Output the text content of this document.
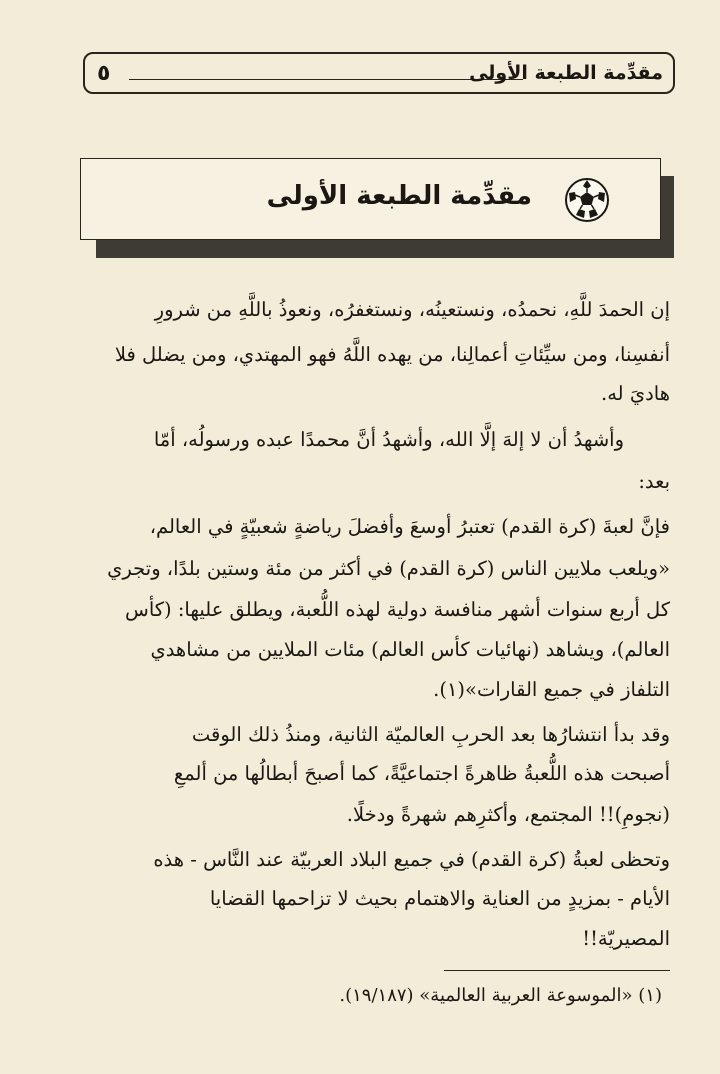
٥	مقدِّمة الطبعة الأولى
مقدِّمة الطبعة الأولى
إن الحمدَ للَّهِ، نحمدُه، ونستعينُه، ونستغفرُه، ونعوذُ باللَّهِ من شرورِ
أنفسِنا، ومن سيِّئاتِ أعمالِنا، من يهده اللَّهُ فهو المهتدي، ومن يضلل فلا
هاديَ له.
وأشهدُ أن لا إلهَ إلَّا الله، وأشهدُ أنَّ محمدًا عبده ورسولُه، أمّا
بعد:
فإنَّ لعبةَ (كرة القدم) تعتبرُ أوسعَ وأفضلَ رياضةٍ شعبيّةٍ في العالم،
«ويلعب ملايين الناس (كرة القدم) في أكثر من مئة وستين بلدًا، وتجري
كل أربع سنوات أشهر منافسة دولية لهذه اللُّعبة، ويطلق عليها: (كأس
العالم)، ويشاهد (نهائيات كأس العالم) مئات الملايين من مشاهدي
التلفاز في جميع القارات»(١).
وقد بدأ انتشارُها بعد الحربِ العالميّة الثانية، ومنذُ ذلك الوقت
أصبحت هذه اللُّعبةُ ظاهرةً اجتماعيَّةً، كما أصبحَ أبطالُها من ألمعِ
(نجومِ)!! المجتمع، وأكثرِهم شهرةً ودخلًا.
وتحظى لعبةُ (كرة القدم) في جميع البلاد العربيّة عند النَّاس - هذه
الأيام - بمزيدٍ من العناية والاهتمام بحيث لا تزاحمها القضايا
المصيريّة!!
(١) «الموسوعة العربية العالمية» (١٩/١٨٧).
